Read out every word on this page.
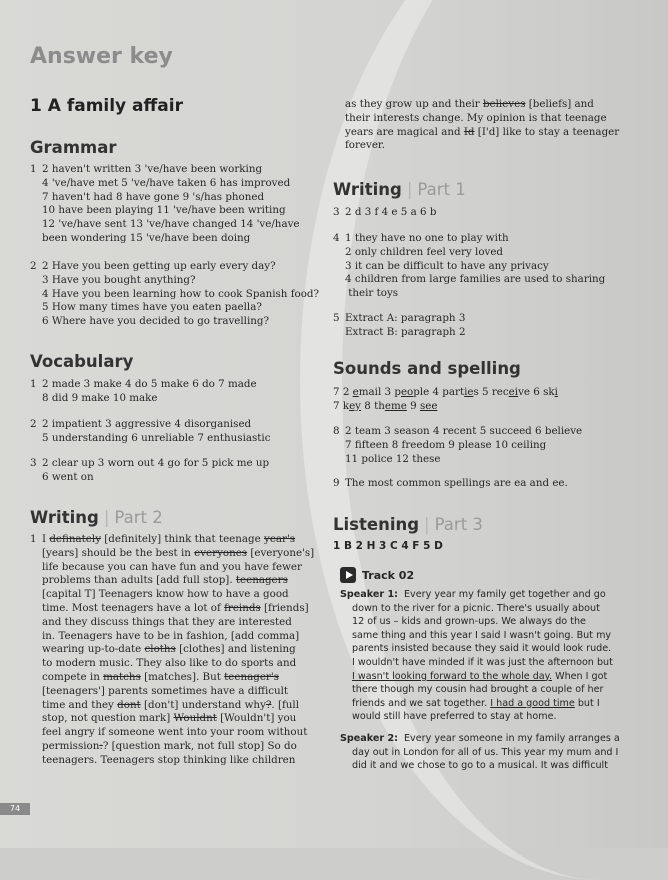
Answer key
1 A family affair
Grammar
1 2 haven't written 3 've/have been working
4 've/have met 5 've/have taken 6 has improved
7 haven't had 8 have gone 9 's/has phoned
10 have been playing 11 've/have been writing
12 've/have sent 13 've/have changed 14 've/have
been wondering 15 've/have been doing
2 2 Have you been getting up early every day?
3 Have you bought anything?
4 Have you been learning how to cook Spanish food?
5 How many times have you eaten paella?
6 Where have you decided to go travelling?
Vocabulary
1 2 made 3 make 4 do 5 make 6 do 7 made
8 did 9 make 10 make
2 2 impatient 3 aggressive 4 disorganised
5 understanding 6 unreliable 7 enthusiastic
3 2 clear up 3 worn out 4 go for 5 pick me up
6 went on
Writing | Part 2
1 I definately [definitely] think that teenage year's
[years] should be the best in everyones [everyone's]
life because you can have fun and you have fewer
problems than adults [add full stop]. teenagers
[capital T] Teenagers know how to have a good
time. Most teenagers have a lot of freinds [friends]
and they discuss things that they are interested
in. Teenagers have to be in fashion, [add comma]
wearing up-to-date cloths [clothes] and listening
to modern music. They also like to do sports and
compete in matchs [matches]. But teenager's
[teenagers'] parents sometimes have a difficult
time and they dont [don't] understand why?. [full
stop, not question mark] Wouldnt [Wouldn't] you
feel angry if someone went into your room without
permission:? [question mark, not full stop] So do
teenagers. Teenagers stop thinking like children
as they grow up and their believes [beliefs] and
their interests change. My opinion is that teenage
years are magical and Id [I'd] like to stay a teenager
forever.
Writing | Part 1
3 2 d 3 f 4 e 5 a 6 b
4 1 they have no one to play with
2 only children feel very loved
3 it can be difficult to have any privacy
4 children from large families are used to sharing
their toys
5 Extract A: paragraph 3
Extract B: paragraph 2
Sounds and spelling
7 2 email 3 people 4 parties 5 receive 6 ski
7 key 8 theme 9 see
8 2 team 3 season 4 recent 5 succeed 6 believe
7 fifteen 8 freedom 9 please 10 ceiling
11 police 12 these
9 The most common spellings are ea and ee.
Listening | Part 3
1 B 2 H 3 C 4 F 5 D
Track 02
Speaker 1: Every year my family get together and go
down to the river for a picnic. There's usually about
12 of us – kids and grown-ups. We always do the
same thing and this year I said I wasn't going. But my
parents insisted because they said it would look rude.
I wouldn't have minded if it was just the afternoon but
I wasn't looking forward to the whole day. When I got
there though my cousin had brought a couple of her
friends and we sat together. I had a good time but I
would still have preferred to stay at home.
Speaker 2: Every year someone in my family arranges a
day out in London for all of us. This year my mum and I
did it and we chose to go to a musical. It was difficult
74
